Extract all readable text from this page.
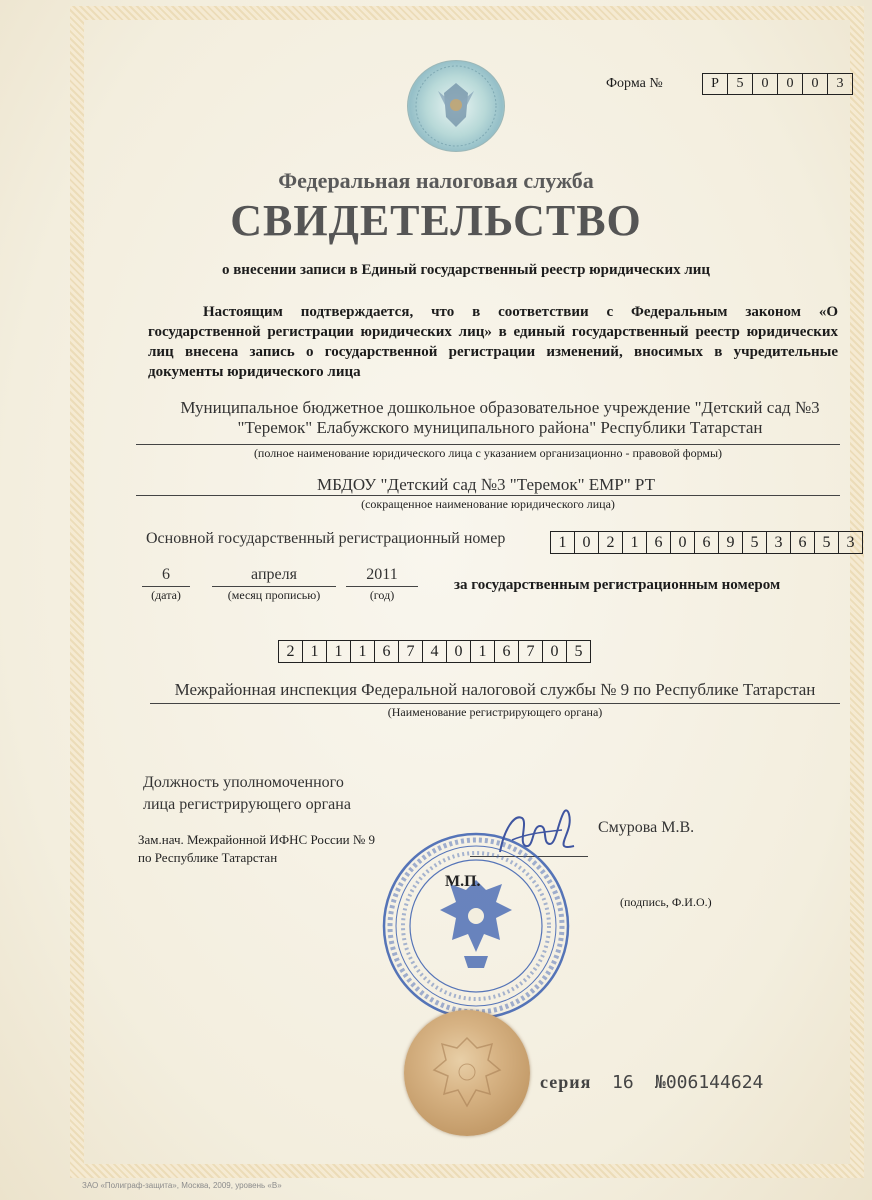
Форма №	Р	5	0	0	0	3
Федеральная налоговая служба
СВИДЕТЕЛЬСТВО
о внесении записи в Единый государственный реестр юридических лиц
Настоящим подтверждается, что в соответствии с Федеральным законом «О государственной регистрации юридических лиц» в единый государственный реестр юридических лиц внесена запись о государственной регистрации изменений, вносимых в учредительные документы юридического лица
Муниципальное бюджетное дошкольное образовательное учреждение "Детский сад №3
"Теремок" Елабужского муниципального района" Республики Татарстан
(полное наименование юридического лица с указанием организационно - правовой формы)
МБДОУ "Детский сад №3 "Теремок" ЕМР" РТ
(сокращенное наименование юридического лица)
Основной государственный регистрационный номер	1	0	2	1	6	0	6	9	5	3	6	5	3
6
(дата)
апреля
(месяц прописью)
2011
(год)
за государственным регистрационным номером
2	1	1	1	6	7	4	0	1	6	7	0	5
Межрайонная инспекция Федеральной налоговой службы № 9 по Республике Татарстан
(Наименование регистрирующего органа)
Должность уполномоченного
лица регистрирующего органа
Зам.нач. Межрайонной ИФНС России № 9
по Республике Татарстан
Смурова М.В.
М.П.
(подпись, Ф.И.О.)
серия 16 №006144624
ЗАО «Полиграф-защита», Москва, 2009, уровень «В»
